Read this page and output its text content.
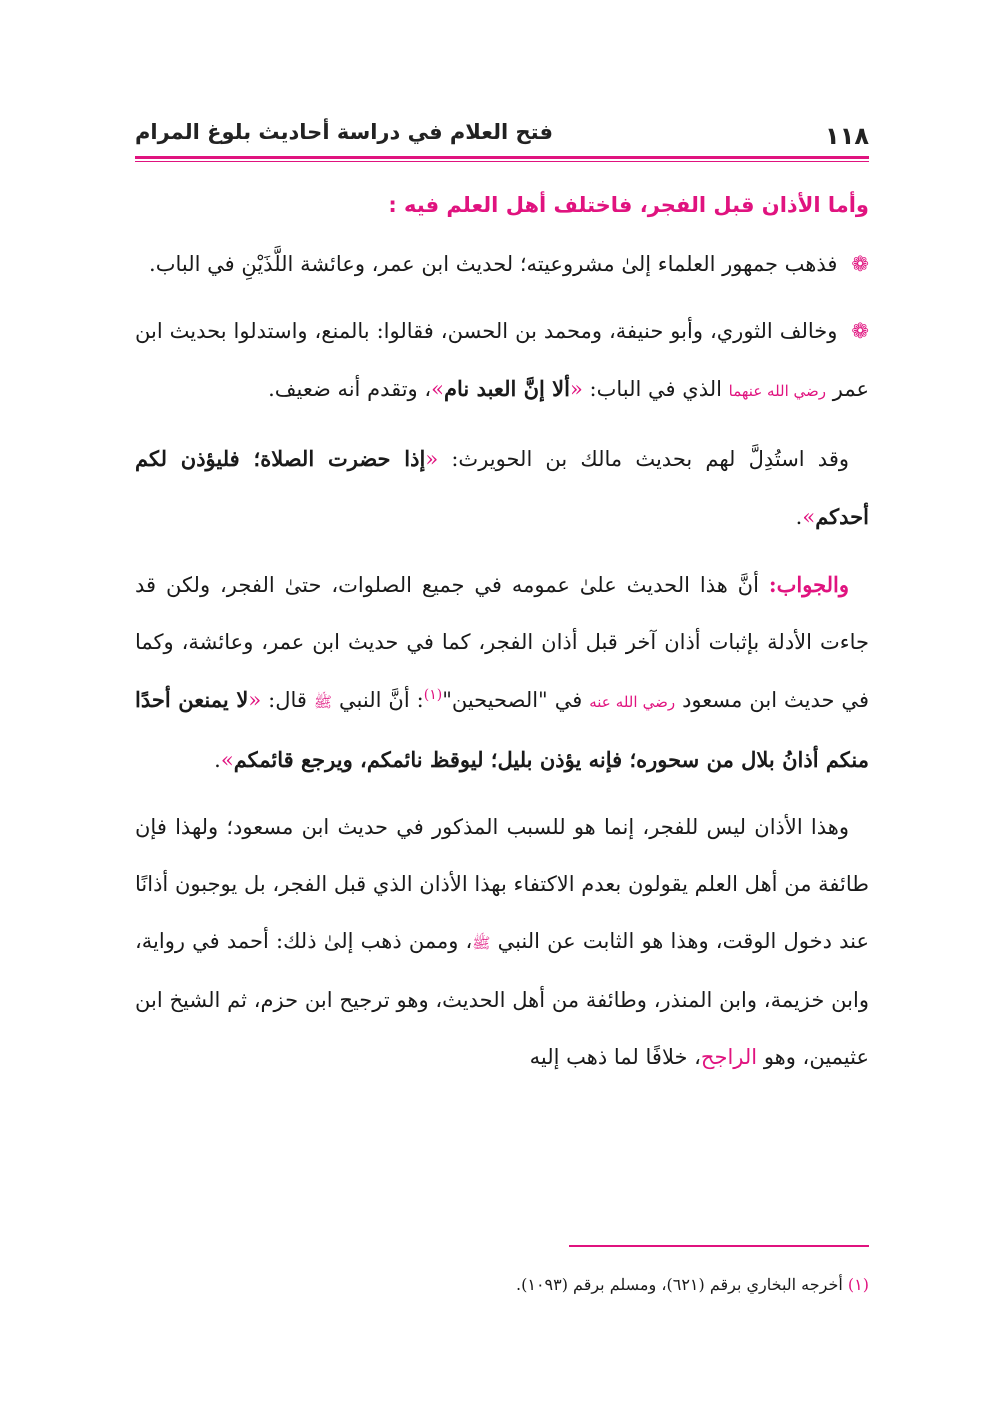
١١٨
فتح العلام في دراسة أحاديث بلوغ المرام
وأما الأذان قبل الفجر، فاختلف أهل العلم فيه :

❁فذهب جمهور العلماء إلىٰ مشروعيته؛ لحديث ابن عمر، وعائشة اللَّذَيْنِ في الباب.

❁وخالف الثوري، وأبو حنيفة، ومحمد بن الحسن، فقالوا: بالمنع، واستدلوا بحديث ابن عمر رضي الله عنهما الذي في الباب: «ألا إنَّ العبد نام»، وتقدم أنه ضعيف.

وقد استُدِلَّ لهم بحديث مالك بن الحويرث: «إذا حضرت الصلاة؛ فليؤذن لكم أحدكم».

والجواب: أنَّ هذا الحديث علىٰ عمومه في جميع الصلوات، حتىٰ الفجر، ولكن قد جاءت الأدلة بإثبات أذان آخر قبل أذان الفجر، كما في حديث ابن عمر، وعائشة، وكما في حديث ابن مسعود رضي الله عنه في "الصحيحين"$^{(١)}$: أنَّ النبي ﷺ قال: «لا يمنعن أحدًا منكم أذانُ بلال من سحوره؛ فإنه يؤذن بليل؛ ليوقظ نائمكم، ويرجع قائمكم».

وهذا الأذان ليس للفجر، إنما هو للسبب المذكور في حديث ابن مسعود؛ ولهذا فإن طائفة من أهل العلم يقولون بعدم الاكتفاء بهذا الأذان الذي قبل الفجر، بل يوجبون أذانًا عند دخول الوقت، وهذا هو الثابت عن النبي ﷺ، وممن ذهب إلىٰ ذلك: أحمد في رواية، وابن خزيمة، وابن المنذر، وطائفة من أهل الحديث، وهو ترجيح ابن حزم، ثم الشيخ ابن عثيمين، وهو الراجح، خلافًا لما ذهب إليه

(١) أخرجه البخاري برقم (٦٢١)، ومسلم برقم (١٠٩٣).
